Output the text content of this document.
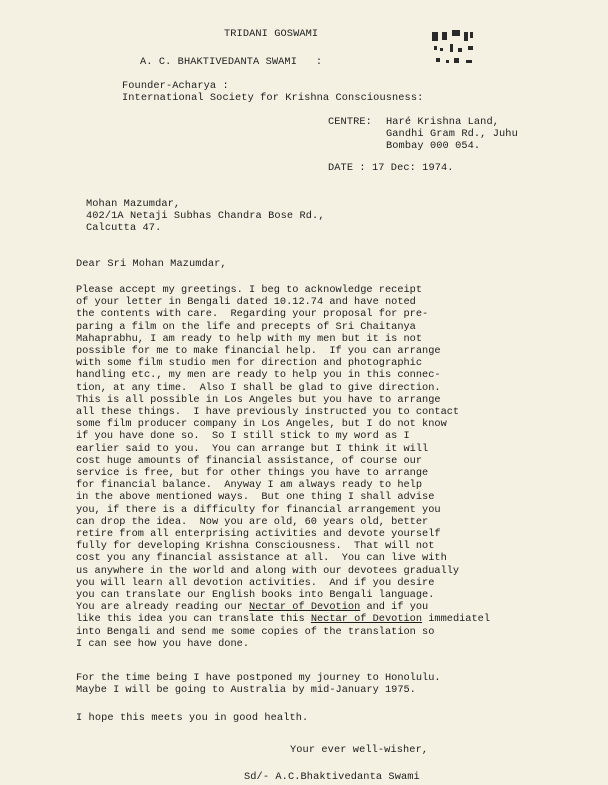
TRIDANI GOSWAMI
A. C. BHAKTIVEDANTA SWAMI   :
Founder-Acharya :
International Society for Krishna Consciousness:
CENTRE: Haré Krishna Land,
Gandhi Gram Rd., Juhu
Bombay 000 054.
DATE : 17 Dec: 1974.
Mohan Mazumdar,
402/1A Netaji Subhas Chandra Bose Rd.,
Calcutta 47.
Dear Sri Mohan Mazumdar,
Please accept my greetings. I beg to acknowledge receipt
of your letter in Bengali dated 10.12.74 and have noted
the contents with care.  Regarding your proposal for pre-
paring a film on the life and precepts of Sri Chaitanya
Mahaprabhu, I am ready to help with my men but it is not
possible for me to make financial help.  If you can arrange
with some film studio men for direction and photographic
handling etc., my men are ready to help you in this connec-
tion, at any time.  Also I shall be glad to give direction.
This is all possible in Los Angeles but you have to arrange
all these things.  I have previously instructed you to contact
some film producer company in Los Angeles, but I do not know
if you have done so.  So I still stick to my word as I
earlier said to you.  You can arrange but I think it will
cost huge amounts of financial assistance, of course our
service is free, but for other things you have to arrange
for financial balance.  Anyway I am always ready to help
in the above mentioned ways.  But one thing I shall advise
you, if there is a difficulty for financial arrangement you
can drop the idea.  Now you are old, 60 years old, better
retire from all enterprising activities and devote yourself
fully for developing Krishna Consciousness.  That will not
cost you any financial assistance at all.  You can live with
us anywhere in the world and along with our devotees gradually
you will learn all devotion activities.  And if you desire
you can translate our English books into Bengali language.
You are already reading our Nectar of Devotion and if you
like this idea you can translate this Nectar of Devotion immediatel
into Bengali and send me some copies of the translation so
I can see how you have done.
For the time being I have postponed my journey to Honolulu.
Maybe I will be going to Australia by mid-January 1975.
I hope this meets you in good health.
Your ever well-wisher,
Sd/- A.C.Bhaktivedanta Swami
